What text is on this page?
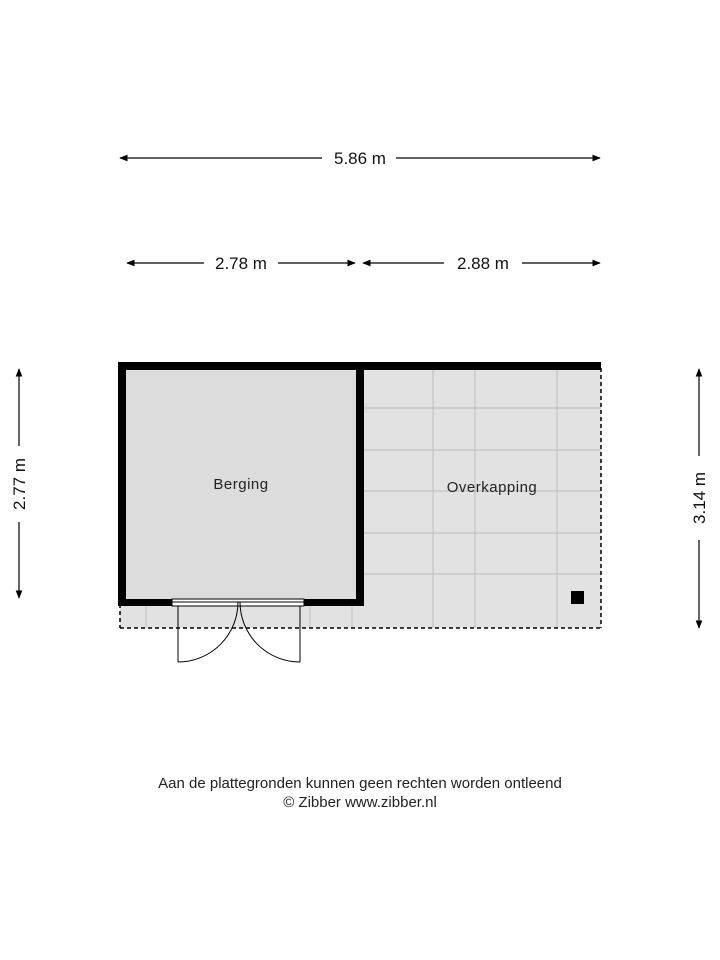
5.86 m
2.78 m	2.88 m
2.77 m	3.14 m
Berging	Overkapping
Aan de plattegronden kunnen geen rechten worden ontleend
© Zibber www.zibber.nl
